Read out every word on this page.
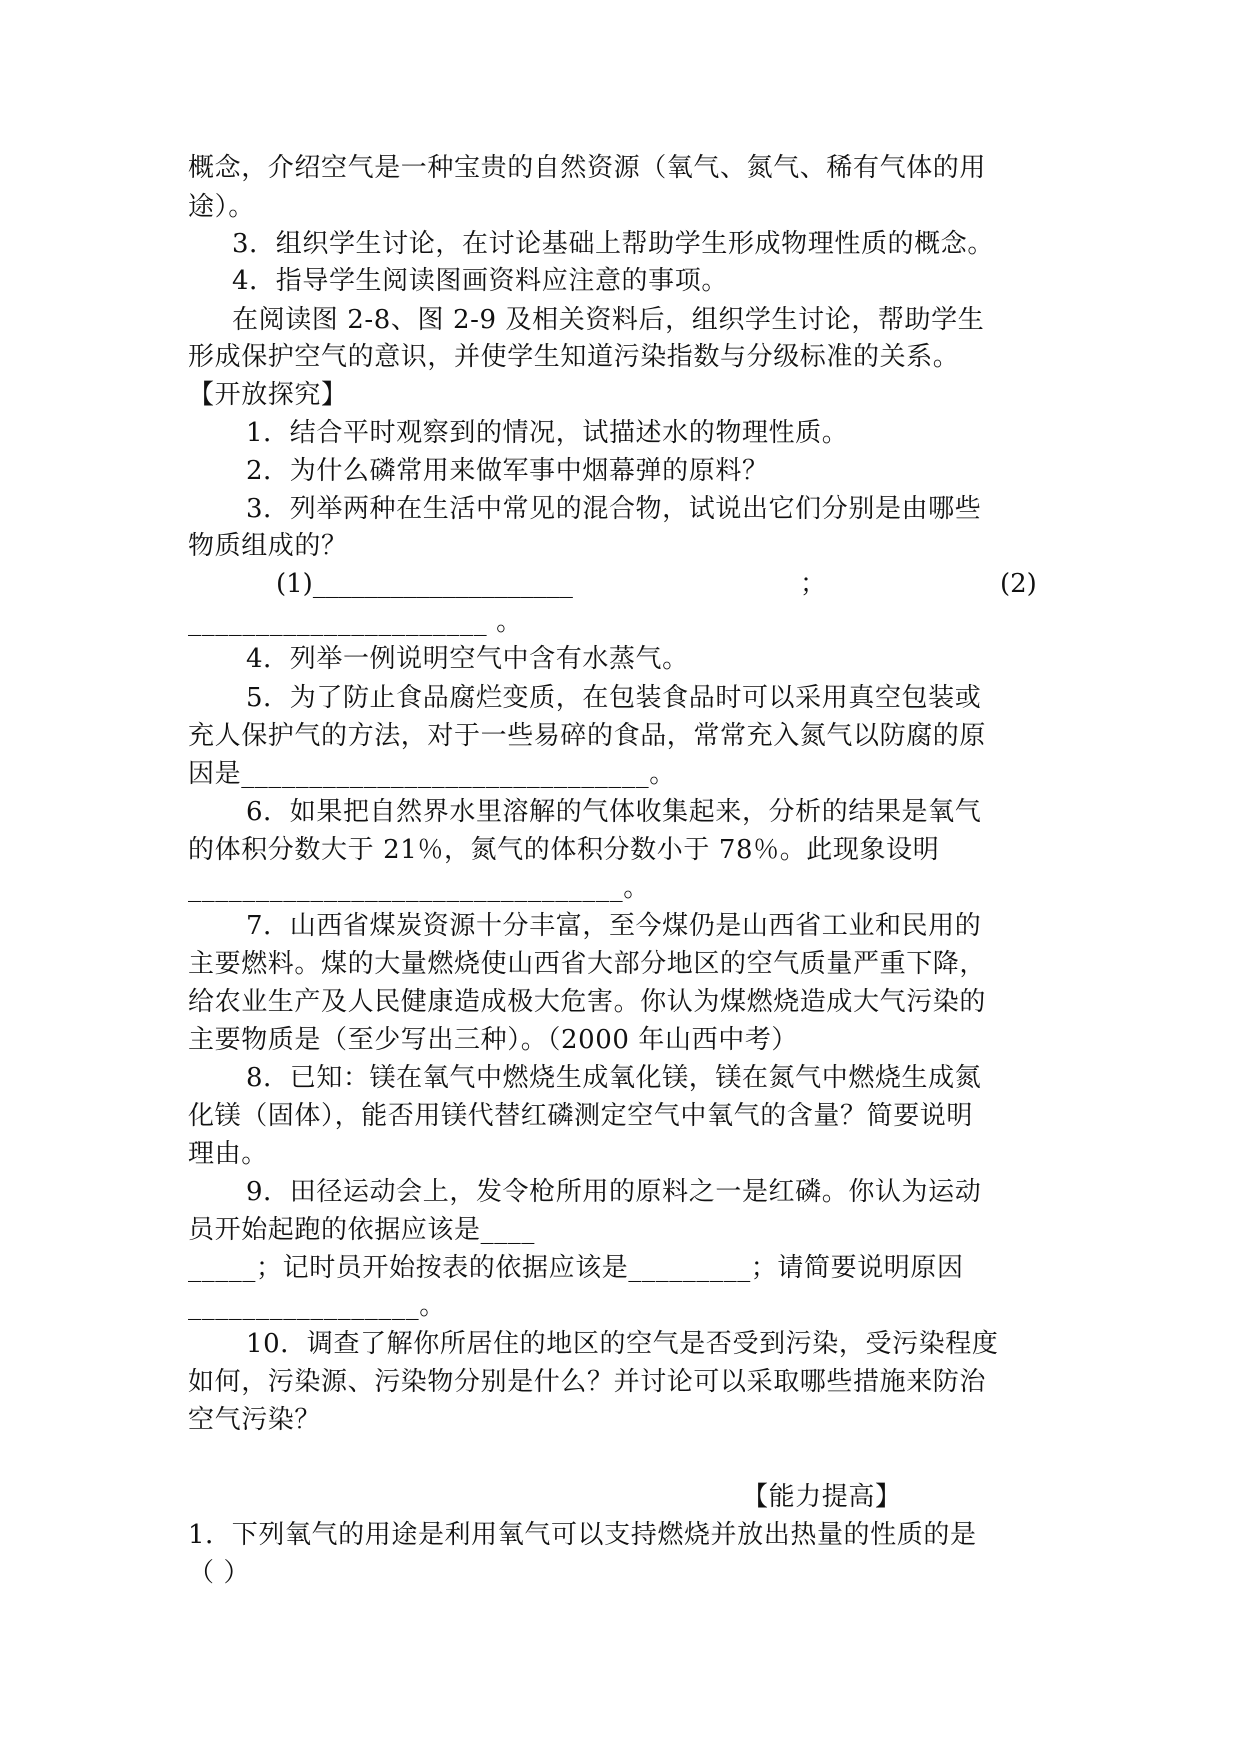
概念，介绍空气是一种宝贵的自然资源（氧气、氮气、稀有气体的用
途）。
3．组织学生讨论，在讨论基础上帮助学生形成物理性质的概念。
4．指导学生阅读图画资料应注意的事项。
在阅读图 2-8、图 2-9 及相关资料后，组织学生讨论，帮助学生
形成保护空气的意识，并使学生知道污染指数与分级标准的关系。
【开放探究】
1．结合平时观察到的情况，试描述水的物理性质。
2．为什么磷常用来做军事中烟幕弹的原料？
3．列举两种在生活中常见的混合物，试说出它们分别是由哪些
物质组成的？
(1)____________________	；	(2)
______________________ 。
4．列举一例说明空气中含有水蒸气。
5．为了防止食品腐烂变质，在包装食品时可以采用真空包装或
充人保护气的方法，对于一些易碎的食品，常常充入氮气以防腐的原
因是______________________________。
6．如果把自然界水里溶解的气体收集起来，分析的结果是氧气
的体积分数大于 21％，氮气的体积分数小于 78％。此现象设明
________________________________。
7．山西省煤炭资源十分丰富，至今煤仍是山西省工业和民用的
主要燃料。煤的大量燃烧使山西省大部分地区的空气质量严重下降，
给农业生产及人民健康造成极大危害。你认为煤燃烧造成大气污染的
主要物质是（至少写出三种）。（2000 年山西中考）
8．已知：镁在氧气中燃烧生成氧化镁，镁在氮气中燃烧生成氮
化镁（固体），能否用镁代替红磷测定空气中氧气的含量？简要说明
理由。
9．田径运动会上，发令枪所用的原料之一是红磷。你认为运动
员开始起跑的依据应该是____
_____；记时员开始按表的依据应该是_________；请简要说明原因
_________________。
10．调查了解你所居住的地区的空气是否受到污染，受污染程度
如何，污染源、污染物分别是什么？并讨论可以采取哪些措施来防治
空气污染？
【能力提高】
1．下列氧气的用途是利用氧气可以支持燃烧并放出热量的性质的是
（ ）
